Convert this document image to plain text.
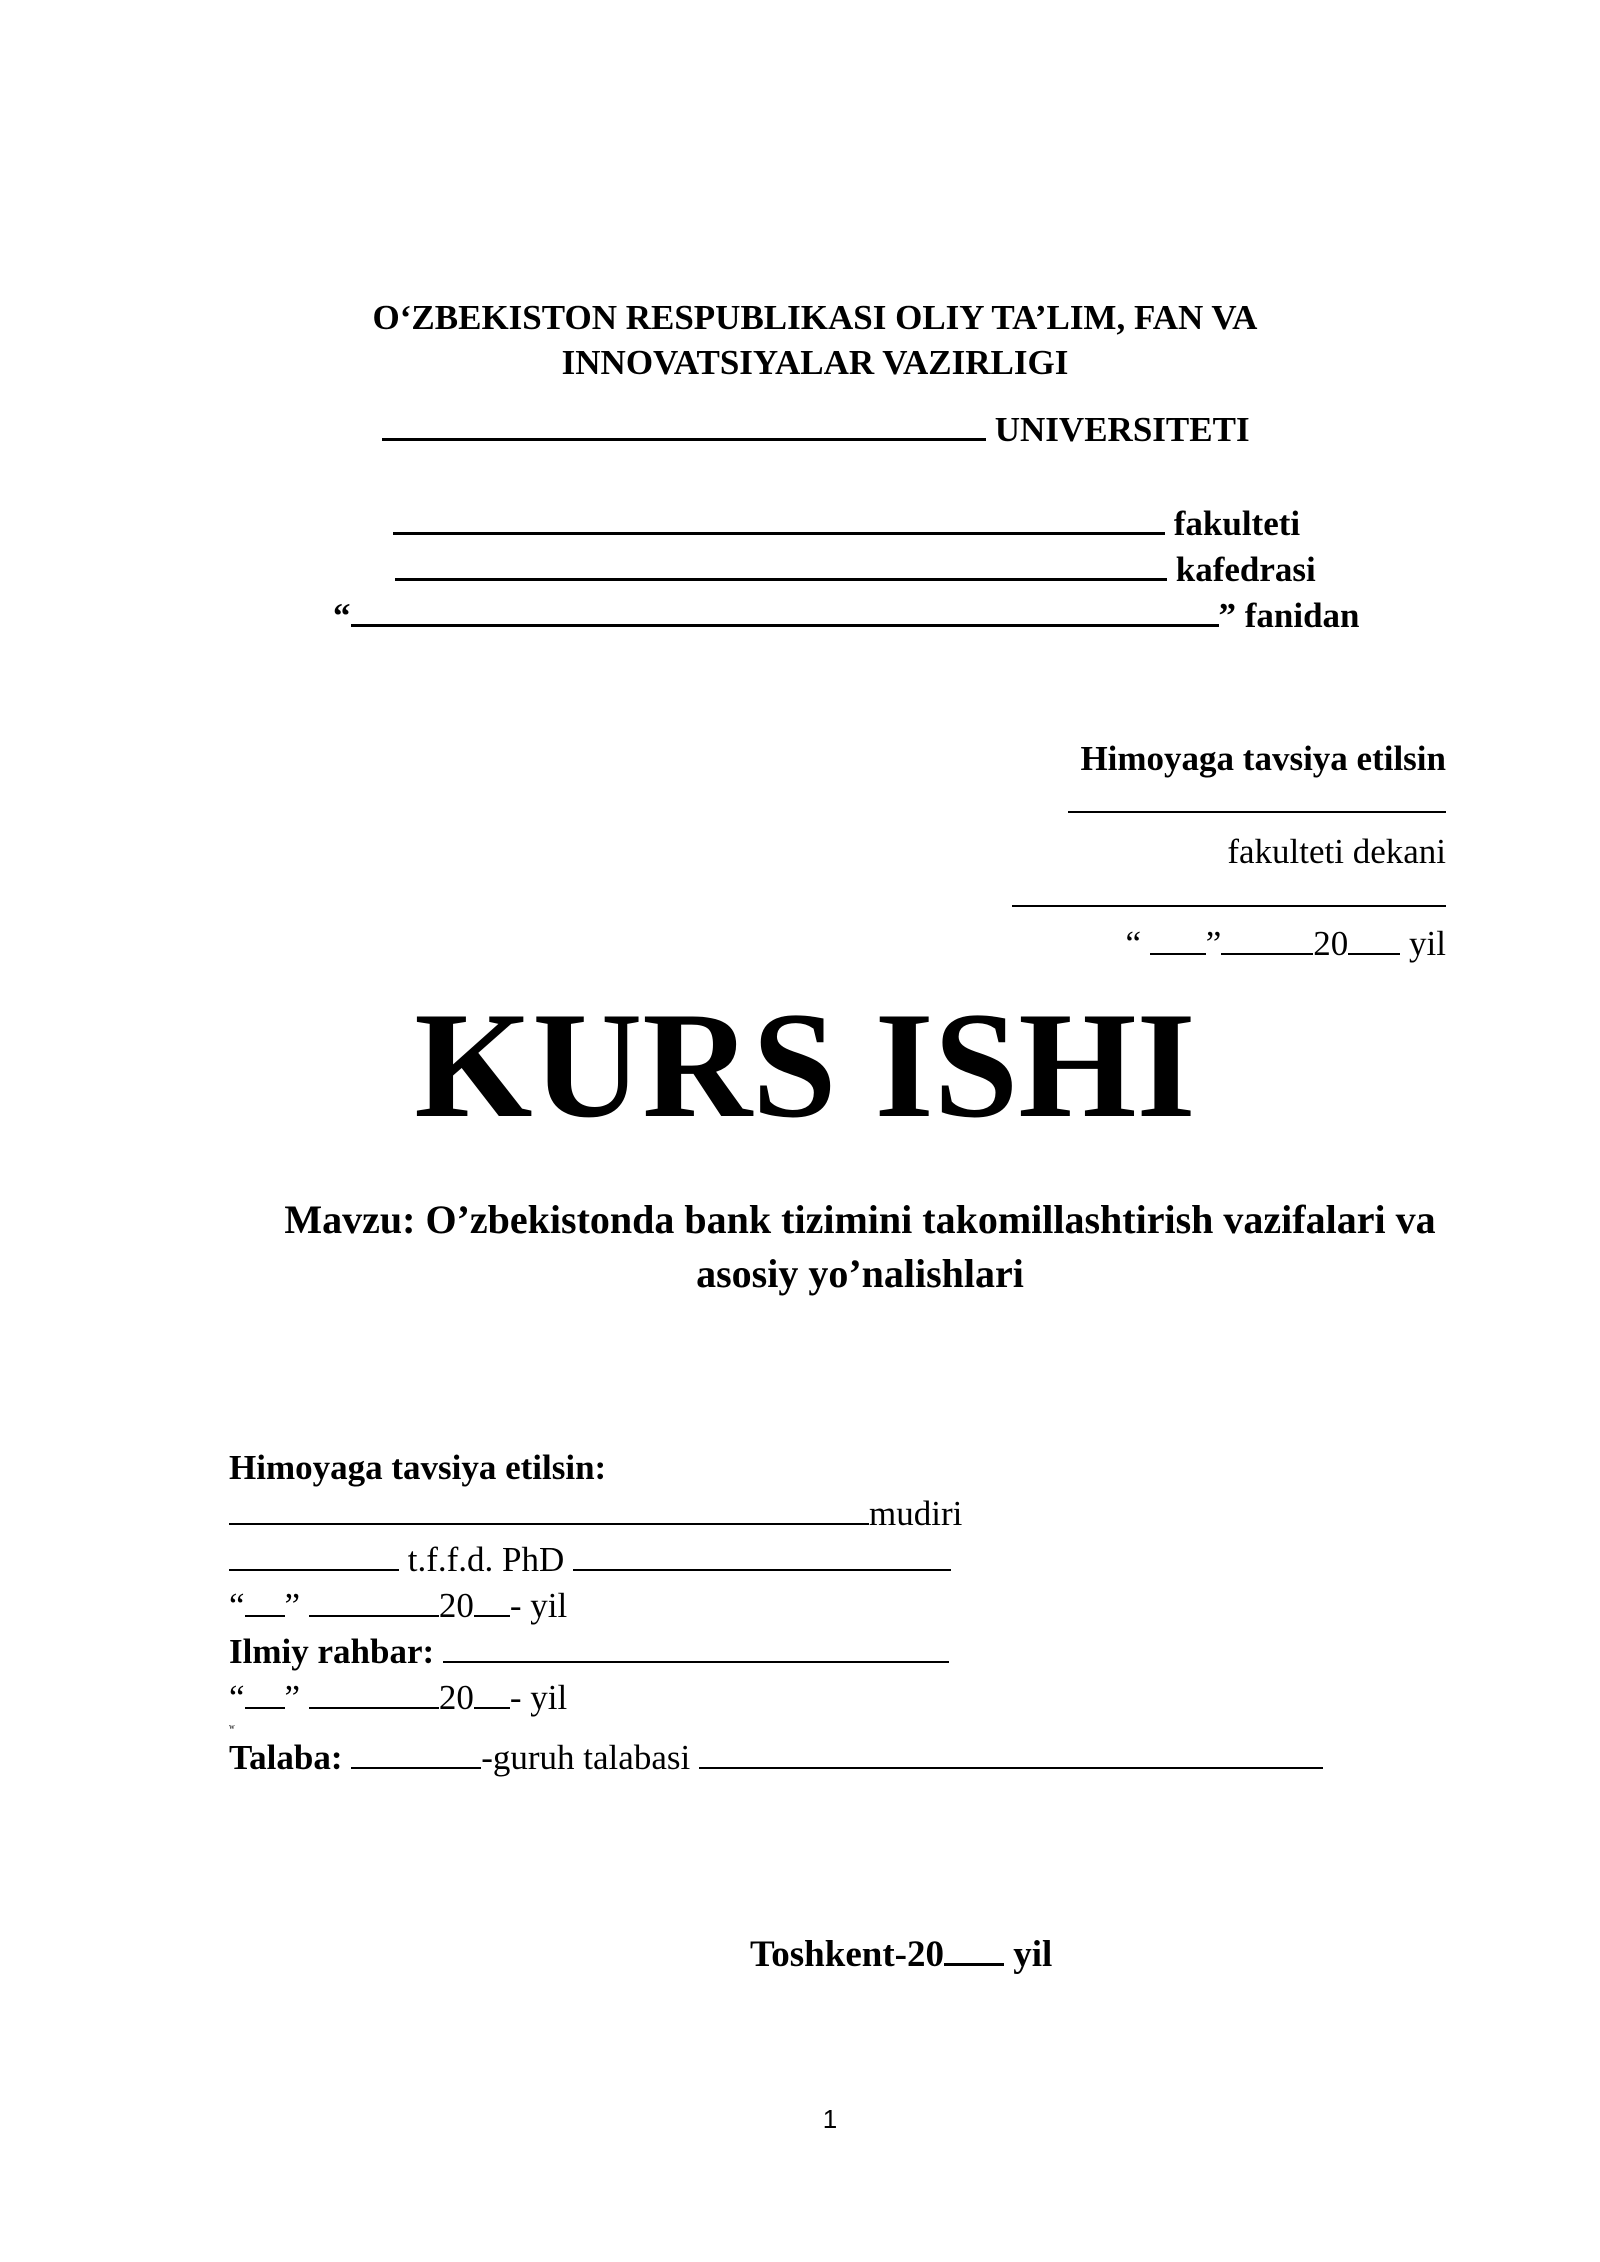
O‘ZBEKISTON RESPUBLIKASI OLIY TA’LIM, FAN VA
INNOVATSIYALAR VAZIRLIGI
UNIVERSITETI
fakulteti
kafedrasi
“	” fanidan
Himoyaga tavsiya etilsin
fakulteti dekani
“ ”	20 yil
KURS ISHI
Mavzu: O’zbekistonda bank tizimini takomillashtirish vazifalari va
asosiy yo’nalishlari
Himoyaga tavsiya etilsin:
mudiri
t.f.f.d. PhD
“ ”	20 - yil
Ilmiy rahbar:
“ ”	20 - yil
w
Talaba:	-guruh talabasi
Toshkent-20 yil
1
